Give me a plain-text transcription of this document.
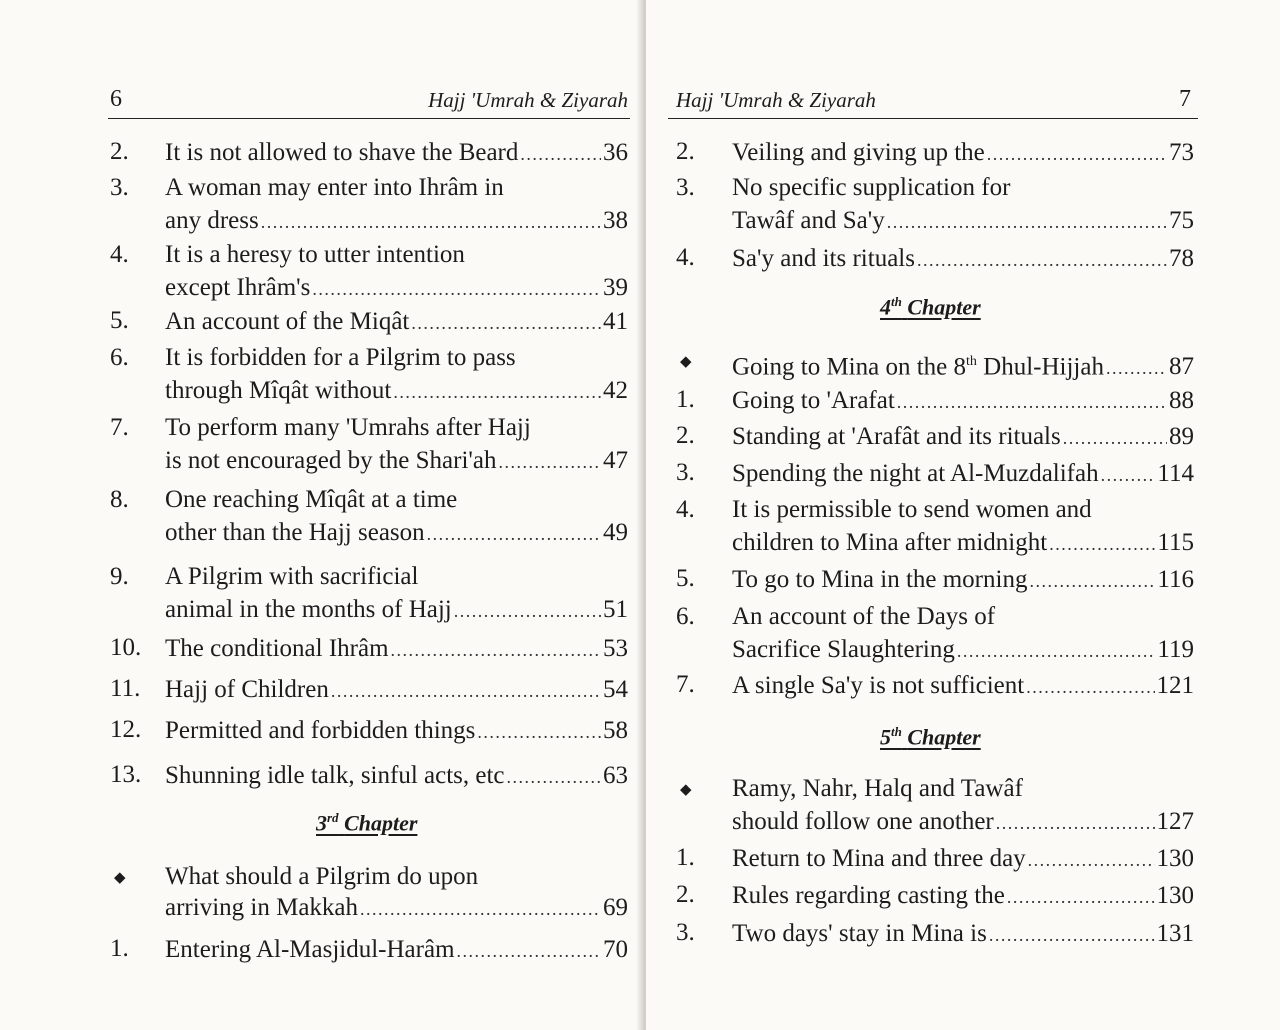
6	Hajj 'Umrah & Ziyarah
2. It is not allowed to shave the Beard .....	36
3. A woman may enter into Ihrâm in
any dress .....	38
4. It is a heresy to utter intention
except Ihrâm's .....	39
5. An account of the Miqât .....	41
6. It is forbidden for a Pilgrim to pass
through Mîqât without .....	42
7. To perform many 'Umrahs after Hajj
is not encouraged by the Shari'ah .....	47
8. One reaching Mîqât at a time
other than the Hajj season .....	49
9. A Pilgrim with sacrificial
animal in the months of Hajj .....	51
10. The conditional Ihrâm .....	53
11. Hajj of Children .....	54
12. Permitted and forbidden things .....	58
13. Shunning idle talk, sinful acts, etc .....	63
3rd Chapter
◆ What should a Pilgrim do upon
arriving in Makkah .....	69
1. Entering Al-Masjidul-Harâm .....	70
Hajj 'Umrah & Ziyarah	7
2. Veiling and giving up the .....	73
3. No specific supplication for
Tawâf and Sa'y .....	75
4. Sa'y and its rituals .....	78
4th Chapter
◆ Going to Mina on the 8th Dhul-Hijjah .....	87
1. Going to 'Arafat .....	88
2. Standing at 'Arafât and its rituals .....	89
3. Spending the night at Al-Muzdalifah ..... 114
4. It is permissible to send women and
children to Mina after midnight .....	115
5. To go to Mina in the morning .....	116
6. An account of the Days of
Sacrifice Slaughtering .....	119
7. A single Sa'y is not sufficient .....	121
5th Chapter
◆ Ramy, Nahr, Halq and Tawâf
should follow one another .....	127
1. Return to Mina and three day .....	130
2. Rules regarding casting the .....	130
3. Two days' stay in Mina is .....	131
